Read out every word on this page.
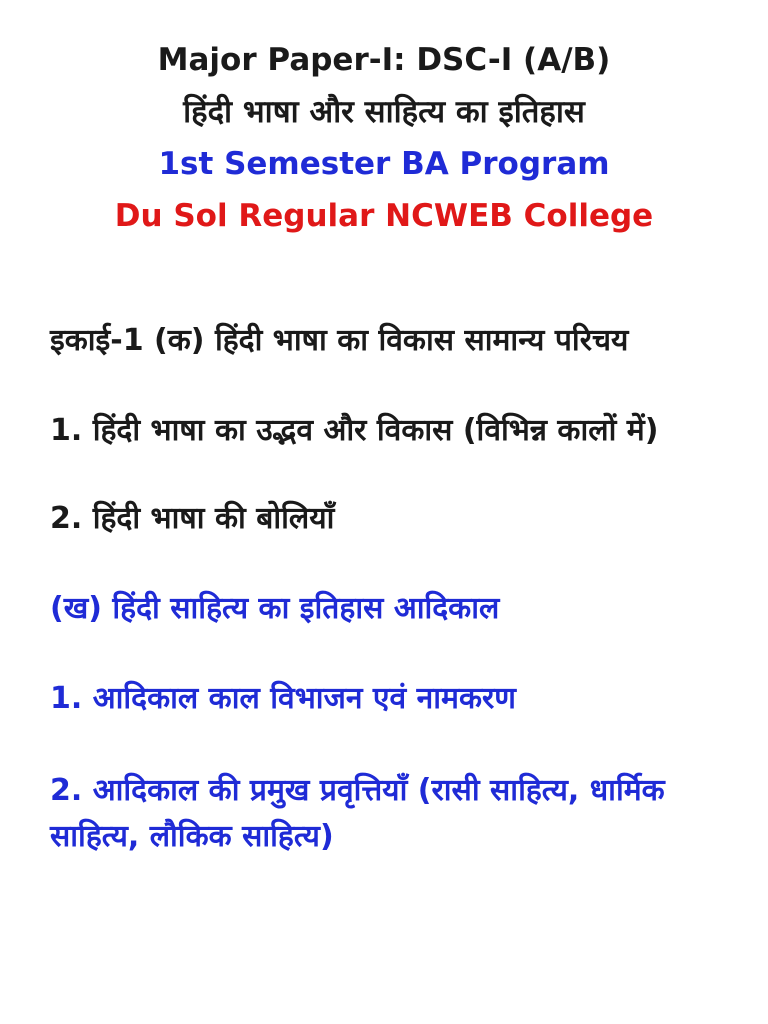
Major Paper-I: DSC-I (A/B)
हिंदी भाषा और साहित्य का इतिहास
1st Semester BA Program
Du Sol Regular NCWEB College

इकाई-1 (क) हिंदी भाषा का विकास सामान्य परिचय

1. हिंदी भाषा का उद्भव और विकास (विभिन्न कालों में)

2. हिंदी भाषा की बोलियाँ

(ख) हिंदी साहित्य का इतिहास आदिकाल

1. आदिकाल काल विभाजन एवं नामकरण

2. आदिकाल की प्रमुख प्रवृत्तियाँ (रासी साहित्य, धार्मिक साहित्य, लौकिक साहित्य)
